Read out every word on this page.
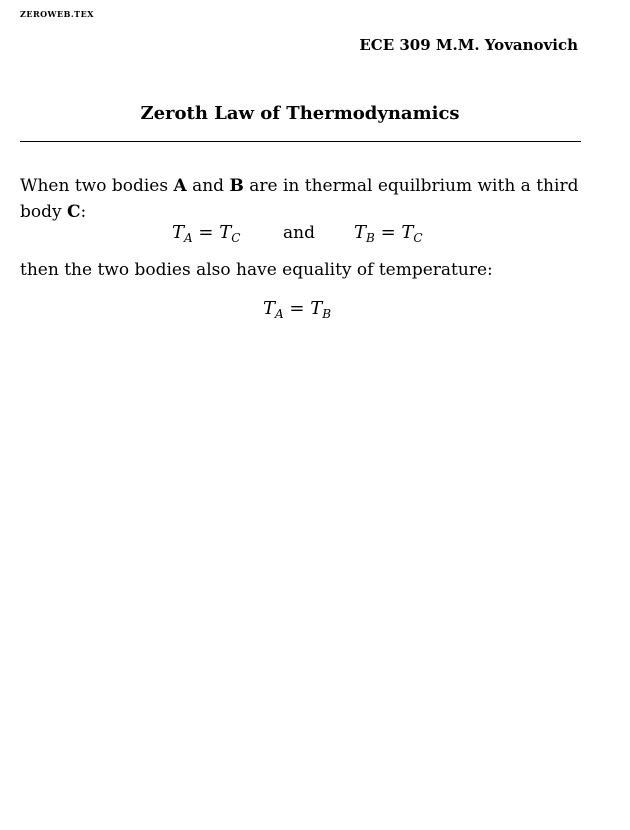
ZEROWEB.TEX
ECE 309 M.M. Yovanovich
Zeroth Law of Thermodynamics
When two bodies A and B are in thermal equilbrium with a third body C:
$T_A = T_C$	and $T_B = T_C$
then the two bodies also have equality of temperature:
$T_A = T_B$
